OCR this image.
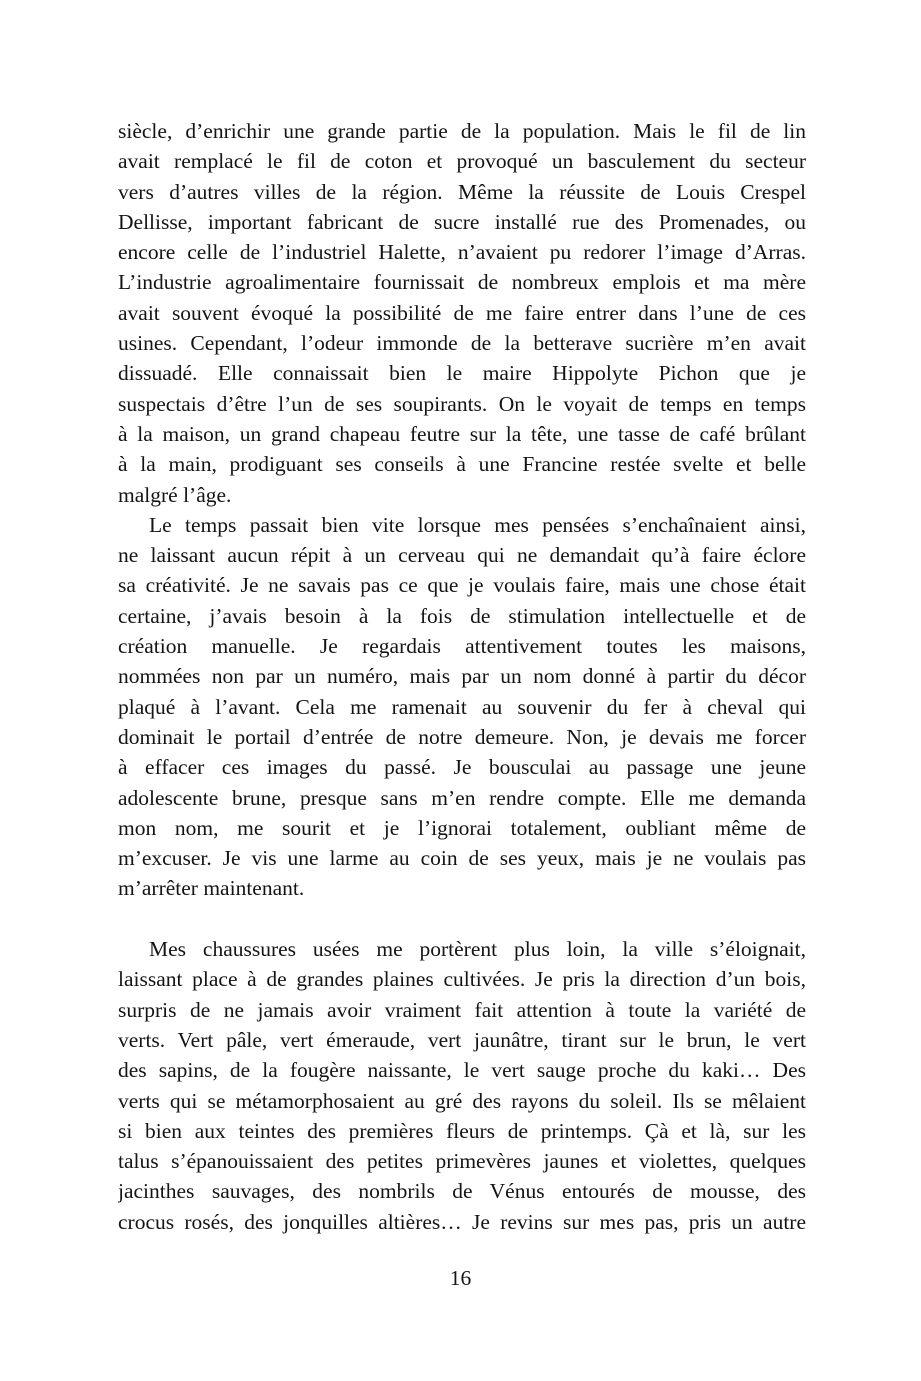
siècle, d’enrichir une grande partie de la population. Mais le fil de lin
avait remplacé le fil de coton et provoqué un basculement du secteur
vers d’autres villes de la région. Même la réussite de Louis Crespel
Dellisse, important fabricant de sucre installé rue des Promenades, ou
encore celle de l’industriel Halette, n’avaient pu redorer l’image d’Arras.
L’industrie agroalimentaire fournissait de nombreux emplois et ma mère
avait souvent évoqué la possibilité de me faire entrer dans l’une de ces
usines. Cependant, l’odeur immonde de la betterave sucrière m’en avait
dissuadé. Elle connaissait bien le maire Hippolyte Pichon que je
suspectais d’être l’un de ses soupirants. On le voyait de temps en temps
à la maison, un grand chapeau feutre sur la tête, une tasse de café brûlant
à la main, prodiguant ses conseils à une Francine restée svelte et belle
malgré l’âge.
Le temps passait bien vite lorsque mes pensées s’enchaînaient ainsi,
ne laissant aucun répit à un cerveau qui ne demandait qu’à faire éclore
sa créativité. Je ne savais pas ce que je voulais faire, mais une chose était
certaine, j’avais besoin à la fois de stimulation intellectuelle et de
création manuelle. Je regardais attentivement toutes les maisons,
nommées non par un numéro, mais par un nom donné à partir du décor
plaqué à l’avant. Cela me ramenait au souvenir du fer à cheval qui
dominait le portail d’entrée de notre demeure. Non, je devais me forcer
à effacer ces images du passé. Je bousculai au passage une jeune
adolescente brune, presque sans m’en rendre compte. Elle me demanda
mon nom, me sourit et je l’ignorai totalement, oubliant même de
m’excuser. Je vis une larme au coin de ses yeux, mais je ne voulais pas
m’arrêter maintenant.
Mes chaussures usées me portèrent plus loin, la ville s’éloignait,
laissant place à de grandes plaines cultivées. Je pris la direction d’un bois,
surpris de ne jamais avoir vraiment fait attention à toute la variété de
verts. Vert pâle, vert émeraude, vert jaunâtre, tirant sur le brun, le vert
des sapins, de la fougère naissante, le vert sauge proche du kaki… Des
verts qui se métamorphosaient au gré des rayons du soleil. Ils se mêlaient
si bien aux teintes des premières fleurs de printemps. Çà et là, sur les
talus s’épanouissaient des petites primevères jaunes et violettes, quelques
jacinthes sauvages, des nombrils de Vénus entourés de mousse, des
crocus rosés, des jonquilles altières… Je revins sur mes pas, pris un autre
16
